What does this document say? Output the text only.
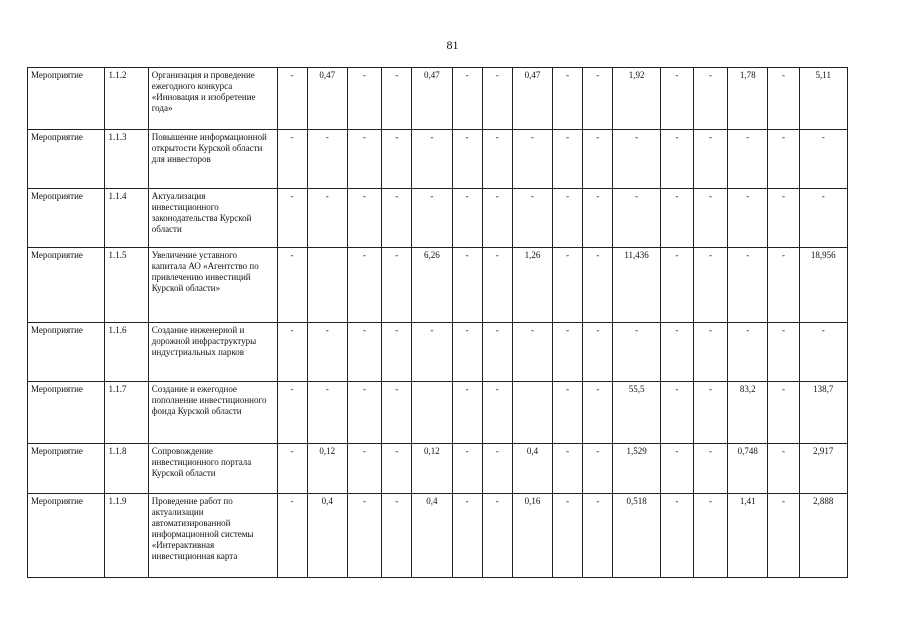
81
Мероприятие	1.1.2	Организация и проведение ежегодного конкурса «Инновация и изобретение года»	-	0,47	-	-	0,47	-	-	0,47	-	-	1,92	-	-	1,78	-	5,11
Мероприятие	1.1.3	Повышение информационной открытости Курской области для инвесторов	-	-	-	-	-	-	-	-	-	-	-	-	-	-	-	-
Мероприятие	1.1.4	Актуализация инвестиционного законодательства Курской области	-	-	-	-	-	-	-	-	-	-	-	-	-	-	-	-
Мероприятие	1.1.5	Увеличение уставного капитала АО «Агентство по привлечению инвестиций Курской области»	-		-	-	6,26	-	-	1,26	-	-	11,436	-	-	-	-	18,956
Мероприятие	1.1.6	Создание инженерной и дорожной инфраструктуры индустриальных парков	-	-	-	-	-	-	-	-	-	-	-	-	-	-	-	-
Мероприятие	1.1.7	Создание и ежегодное пополнение инвестиционного фонда Курской области	-	-	-	-		-	-		-	-	55,5	-	-	83,2	-	138,7
Мероприятие	1.1.8	Сопровождение инвестиционного портала Курской области	-	0,12	-	-	0,12	-	-	0,4	-	-	1,529	-	-	0,748	-	2,917
Мероприятие	1.1.9	Проведение работ по актуализации автоматизированной информационной системы «Интерактивная инвестиционная карта	-	0,4	-	-	0,4	-	-	0,16	-	-	0,518	-	-	1,41	-	2,888
